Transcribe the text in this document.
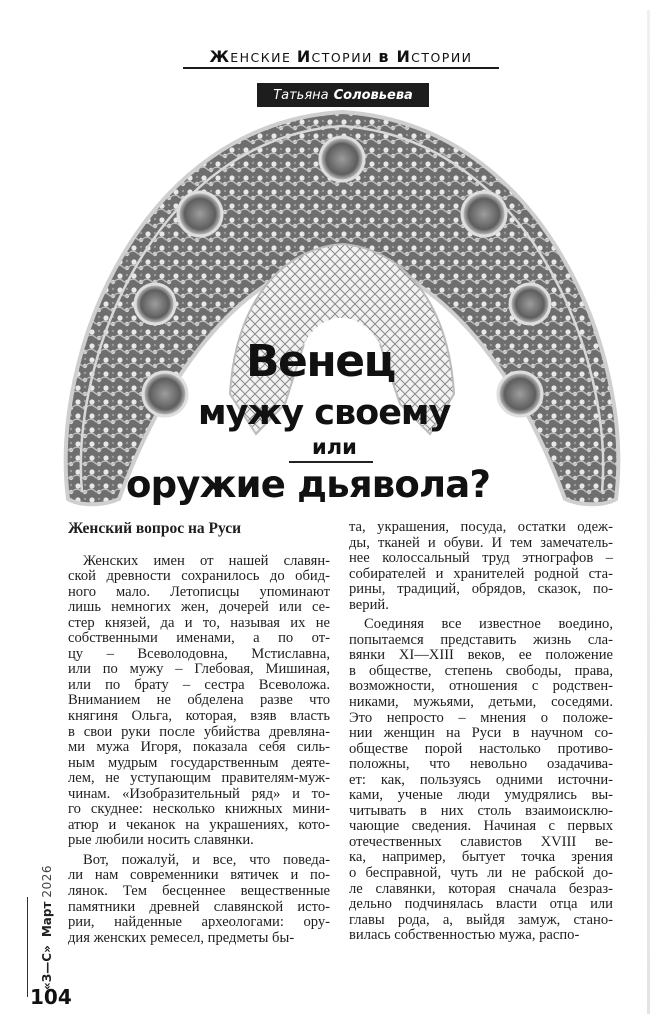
ЖЕНСКИЕ ИСТОРИИ в ИСТОРИИ
Татьяна Соловьева
Венец
мужу своему
или
оружие дьявола?
Женский вопрос на Руси
Женских имен от нашей славян-
ской древности сохранилось до обид-
ного мало. Летописцы упоминают
лишь немногих жен, дочерей или се-
стер князей, да и то, называя их не
собственными именами, а по от-
цу – Всеволодовна, Мстиславна,
или по мужу – Глебовая, Мишиная,
или по брату – сестра Всеволожа.
Вниманием не обделена разве что
княгиня Ольга, которая, взяв власть
в свои руки после убийства древляна-
ми мужа Игоря, показала себя силь-
ным мудрым государственным деяте-
лем, не уступающим правителям-муж-
чинам. «Изобразительный ряд» и то-
го скуднее: несколько книжных мини-
атюр и чеканок на украшениях, кото-
рые любили носить славянки.
Вот, пожалуй, и все, что поведа-
ли нам современники вятичек и по-
лянок. Тем бесценнее вещественные
памятники древней славянской исто-
рии, найденные археологами: ору-
дия женских ремесел, предметы бы-
та, украшения, посуда, остатки одеж-
ды, тканей и обуви. И тем замечатель-
нее колоссальный труд этнографов –
собирателей и хранителей родной ста-
рины, традиций, обрядов, сказок, по-
верий.
Соединяя все известное воедино,
попытаемся представить жизнь сла-
вянки XI—XIII веков, ее положение
в обществе, степень свободы, права,
возможности, отношения с родствен-
никами, мужьями, детьми, соседями.
Это непросто – мнения о положе-
нии женщин на Руси в научном со-
обществе порой настолько противо-
положны, что невольно озадачива-
ет: как, пользуясь одними источни-
ками, ученые люди умудрялись вы-
читывать в них столь взаимоисклю-
чающие сведения. Начиная с первых
отечественных славистов XVIII ве-
ка, например, бытует точка зрения
о бесправной, чуть ли не рабской до-
ле славянки, которая сначала безраз-
дельно подчинялась власти отца или
главы рода, а, выйдя замуж, стано-
вилась собственностью мужа, распо-
«З—С»Март2026
104
